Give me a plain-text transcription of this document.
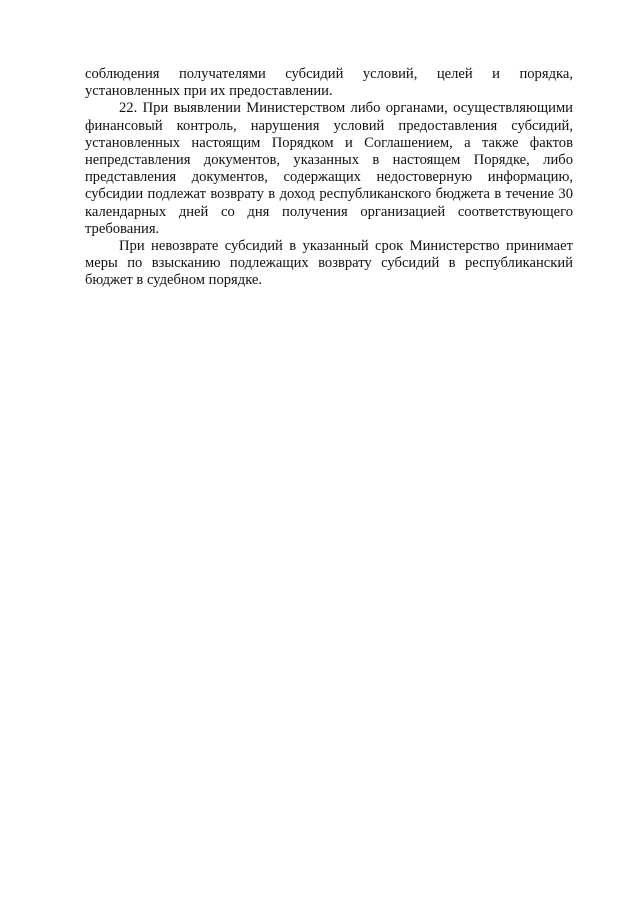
соблюдения получателями субсидий условий, целей и порядка, установленных при их предоставлении.

22. При выявлении Министерством либо органами, осуществляющими финансовый контроль, нарушения условий предоставления субсидий, установленных настоящим Порядком и Соглашением, а также фактов непредставления документов, указанных в настоящем Порядке, либо представления документов, содержащих недостоверную информацию, субсидии подлежат возврату в доход республиканского бюджета в течение 30 календарных дней со дня получения организацией соответствующего требования.

При невозврате субсидий в указанный срок Министерство принимает меры по взысканию подлежащих возврату субсидий в республиканский бюджет в судебном порядке.
